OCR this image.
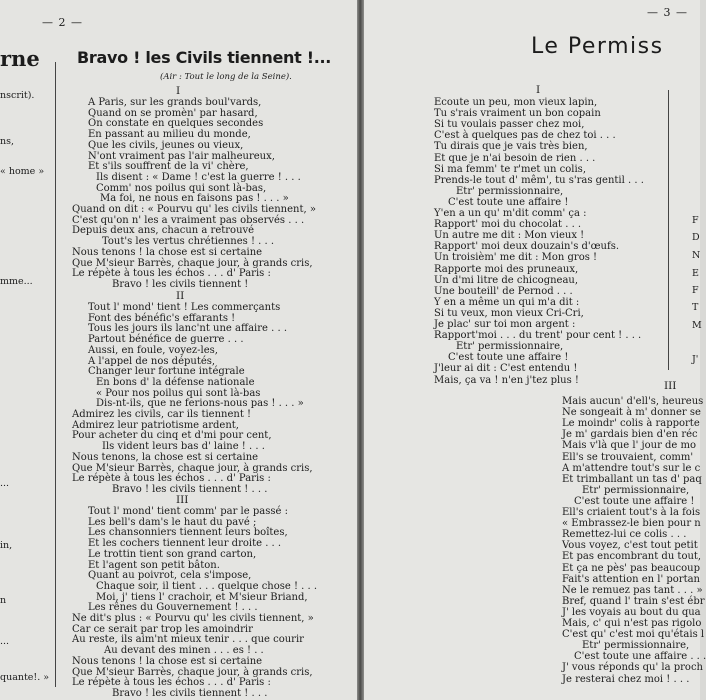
— 2 —
rne
nscrit).
ns,
« home »
mme...
...
in,
n
...
quante!. »
Bravo ! les Civils tiennent !...
(Air : Tout le long de la Seine).
I
A Paris, sur les grands boul'vards,
Quand on se promèn' par hasard,
On constate en quelques secondes
En passant au milieu du monde,
Que les civils, jeunes ou vieux,
N'ont vraiment pas l'air malheureux,
Et s'ils souffrent de la vi' chère,
Ils disent : « Dame ! c'est la guerre ! . . .
Comm' nos poilus qui sont là-bas,
Ma foi, ne nous en faisons pas ! . . . »
Quand on dit : « Pourvu qu' les civils tiennent, »
C'est qu'on n' les a vraiment pas observés . . .
Depuis deux ans, chacun a retrouvé
Tout's les vertus chrétiennes ! . . .
Nous tenons ! la chose est si certaine
Que M'sieur Barrès, chaque jour, à grands cris,
Le répète à tous les échos . . . d' Paris :
Bravo ! les civils tiennent !
II
Tout l' mond' tient ! Les commerçants
Font des bénéfic's effarants !
Tous les jours ils lanc'nt une affaire . . .
Partout bénéfice de guerre . . .
Aussi, en foule, voyez-les,
A l'appel de nos députés,
Changer leur fortune intégrale
En bons d' la défense nationale
« Pour nos poilus qui sont là-bas
Dis-nt-ils, que ne ferions-nous pas ! . . . »
Admirez les civils, car ils tiennent !
Admirez leur patriotisme ardent,
Pour acheter du cinq et d'mi pour cent,
Ils vident leurs bas d' laine ! . . .
Nous tenons, la chose est si certaine
Que M'sieur Barrès, chaque jour, à grands cris,
Le répète à tous les échos . . . d' Paris :
Bravo ! les civils tiennent ! . . .
III
Tout l' mond' tient comm' par le passé :
Les bell's dam's le haut du pavé ;
Les chansonniers tiennent leurs boîtes,
Et les cochers tiennent leur droite . . .
Le trottin tient son grand carton,
Et l'agent son petit bâton.
Quant au poivrot, cela s'impose,
Chaque soir, il tient . . . quelque chose ! . . .
Moi, j' tiens l' crachoir, et M'sieur Briand,
Les rênes du Gouvernement ! . . .
Ne dit's plus : « Pourvu qu' les civils tiennent, »
Car ce serait par trop les amoindrir
Au reste, ils aim'nt mieux tenir . . . que courir
Au devant des minen . . . es ! . .
Nous tenons ! la chose est si certaine
Que M'sieur Barrès, chaque jour, à grands cris,
Le répète à tous les échos . . . d' Paris :
Bravo ! les civils tiennent ! . . .
— 3 —
Le Permiss
I
Ecoute un peu, mon vieux lapin,
Tu s'rais vraiment un bon copain
Si tu voulais passer chez moi,
C'est à quelques pas de chez toi . . .
Tu dirais que je vais très bien,
Et que je n'ai besoin de rien . . .
Si ma femm' te r'met un colis,
Prends-le tout d' mêm', tu s'ras gentil . . .
Etr' permissionnaire,
C'est toute une affaire !
Y'en a un qu' m'dit comm' ça :
Rapport' moi du chocolat . . .
Un autre me dit : Mon vieux !
Rapport' moi deux douzain's d'œufs.
Un troisièm' me dit : Mon gros !
Rapporte moi des pruneaux,
Un d'mi litre de chicogneau,
Une bouteill' de Pernod . . .
Y en a même un qui m'a dit :
Si tu veux, mon vieux Cri-Cri,
Je plac' sur toi mon argent :
Rapport'moi . . . du trent' pour cent ! . . .
Etr' permissionnaire,
C'est toute une affaire !
J'leur ai dit : C'est entendu !
Mais, ça va ! n'en j'tez plus !	III
Mais aucun' d'ell's, heureus
Ne songeait à m' donner se
Le moindr' colis à rapporte
Je m' gardais bien d'en réc
Mais v'là que l' jour de mo
Ell's se trouvaient, comm'
A m'attendre tout's sur le c
Et trimballant un tas d' paq
Etr' permissionnaire,
C'est toute une affaire !
Ell's criaient tout's à la fois
« Embrassez-le bien pour n
Remettez-lui ce colis . . .
Vous voyez, c'est tout petit
Et pas encombrant du tout,
Et ça ne pès' pas beaucoup
Fait's attention en l' portan
Ne le remuez pas tant . . . »
Bref, quand l' train s'est ébr
J' les voyais au bout du qua
Mais, c' qui n'est pas rigolo
C'est qu' c'est moi qu'étais l
Etr' permissionnaire,
C'est toute une affaire . . .
J' vous réponds qu' la proch
Je resterai chez moi ! . . .
F
D
N
E
F
T
M
J'
